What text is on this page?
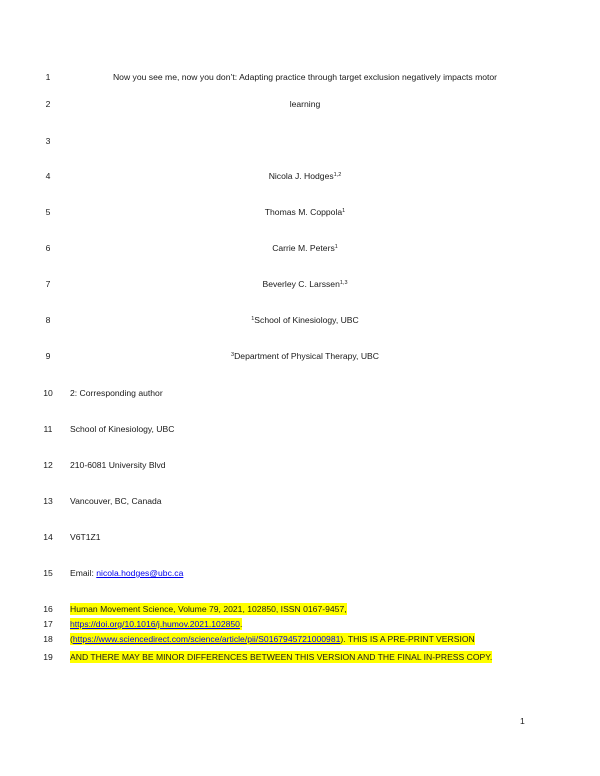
1	Now you see me, now you don’t: Adapting practice through target exclusion negatively impacts motor
2	learning
3
4	Nicola J. Hodges$^{1,2}$
5	Thomas M. Coppola$^1$
6	Carrie M. Peters$^1$
7	Beverley C. Larssen$^{1,3}$
8	$^1$School of Kinesiology, UBC
9	$^3$Department of Physical Therapy, UBC
10	2: Corresponding author
11	School of Kinesiology, UBC
12	210-6081 University Blvd
13	Vancouver, BC, Canada
14	V6T1Z1
15	Email: nicola.hodges@ubc.ca
16	Human Movement Science, Volume 79, 2021, 102850, ISSN 0167-9457,
17	https://doi.org/10.1016/j.humov.2021.102850.
18	(https://www.sciencedirect.com/science/article/pii/S0167945721000981). THIS IS A PRE-PRINT VERSION
19	AND THERE MAY BE MINOR DIFFERENCES BETWEEN THIS VERSION AND THE FINAL IN-PRESS COPY.
1
